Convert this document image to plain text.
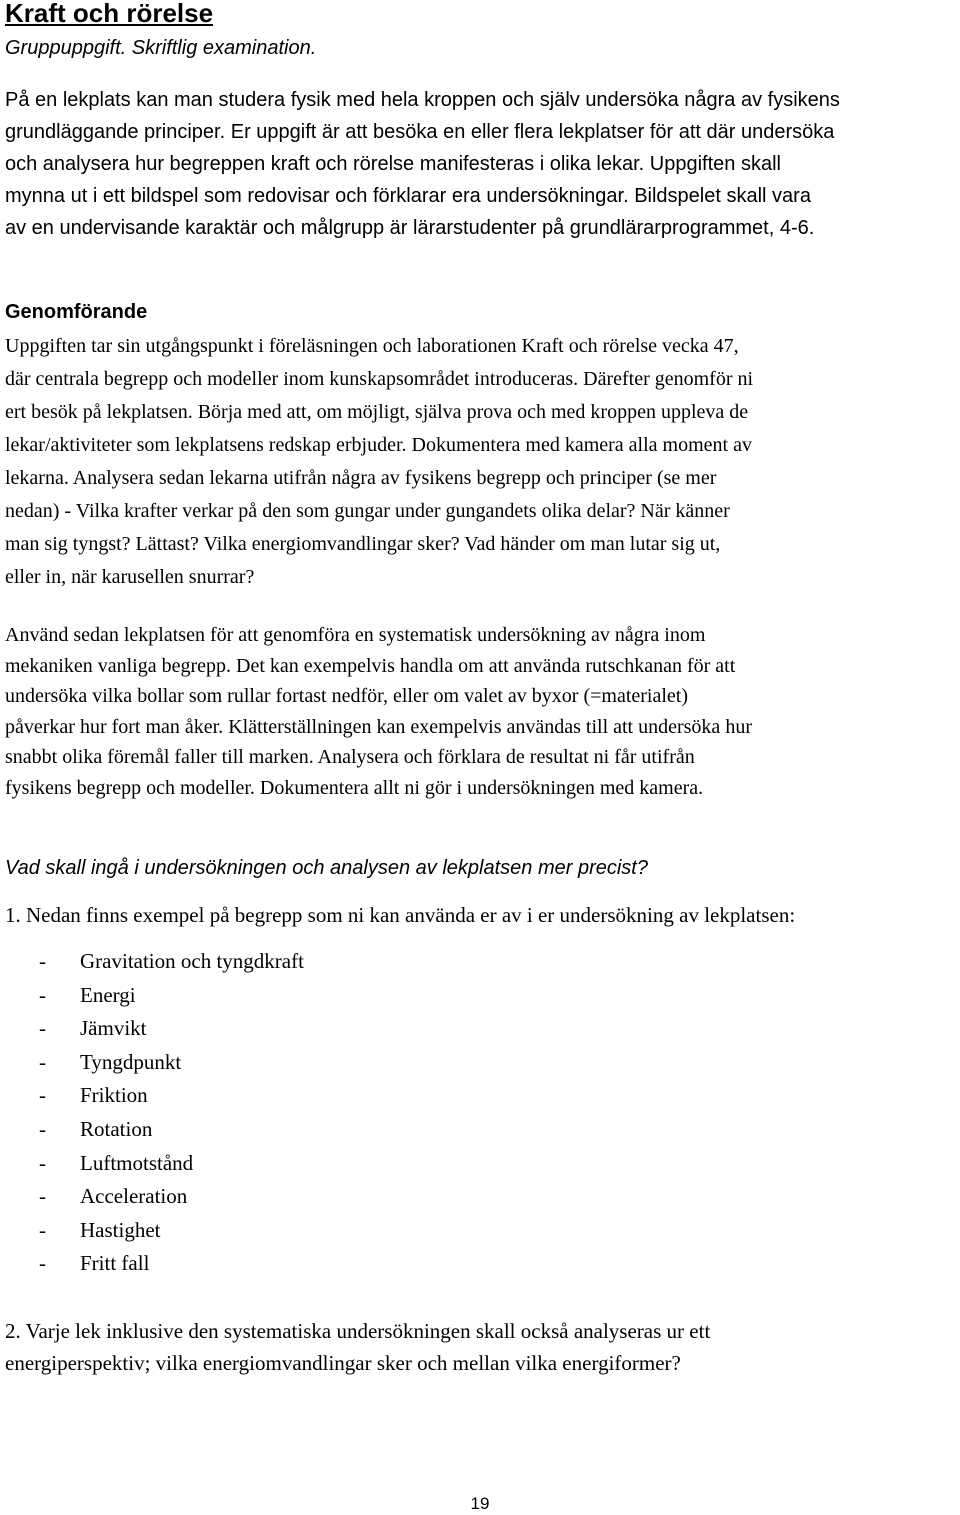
Kraft och rörelse

Gruppuppgift. Skriftlig examination.

På en lekplats kan man studera fysik med hela kroppen och själv undersöka några av fysikens
grundläggande principer. Er uppgift är att besöka en eller flera lekplatser för att där undersöka
och analysera hur begreppen kraft och rörelse manifesteras i olika lekar. Uppgiften skall
mynna ut i ett bildspel som redovisar och förklarar era undersökningar. Bildspelet skall vara
av en undervisande karaktär och målgrupp är lärarstudenter på grundlärarprogrammet, 4-6.
Genomförande
Uppgiften tar sin utgångspunkt i föreläsningen och laborationen Kraft och rörelse vecka 47,
där centrala begrepp och modeller inom kunskapsområdet introduceras. Därefter genomför ni
ert besök på lekplatsen. Börja med att, om möjligt, själva prova och med kroppen uppleva de
lekar/aktiviteter som lekplatsens redskap erbjuder. Dokumentera med kamera alla moment av
lekarna. Analysera sedan lekarna utifrån några av fysikens begrepp och principer (se mer
nedan) - Vilka krafter verkar på den som gungar under gungandets olika delar? När känner
man sig tyngst? Lättast? Vilka energiomvandlingar sker? Vad händer om man lutar sig ut,
eller in, när karusellen snurrar?
Använd sedan lekplatsen för att genomföra en systematisk undersökning av några inom
mekaniken vanliga begrepp. Det kan exempelvis handla om att använda rutschkanan för att
undersöka vilka bollar som rullar fortast nedför, eller om valet av byxor (=materialet)
påverkar hur fort man åker. Klätterställningen kan exempelvis användas till att undersöka hur
snabbt olika föremål faller till marken. Analysera och förklara de resultat ni får utifrån
fysikens begrepp och modeller. Dokumentera allt ni gör i undersökningen med kamera.

Vad skall ingå i undersökningen och analysen av lekplatsen mer precist?

1. Nedan finns exempel på begrepp som ni kan använda er av i er undersökning av lekplatsen:

-	Gravitation och tyngdkraft
-	Energi
-	Jämvikt
-	Tyngdpunkt
-	Friktion
-	Rotation
-	Luftmotstånd
-	Acceleration
-	Hastighet
-	Fritt fall
2. Varje lek inklusive den systematiska undersökningen skall också analyseras ur ett
energiperspektiv; vilka energiomvandlingar sker och mellan vilka energiformer?
19
